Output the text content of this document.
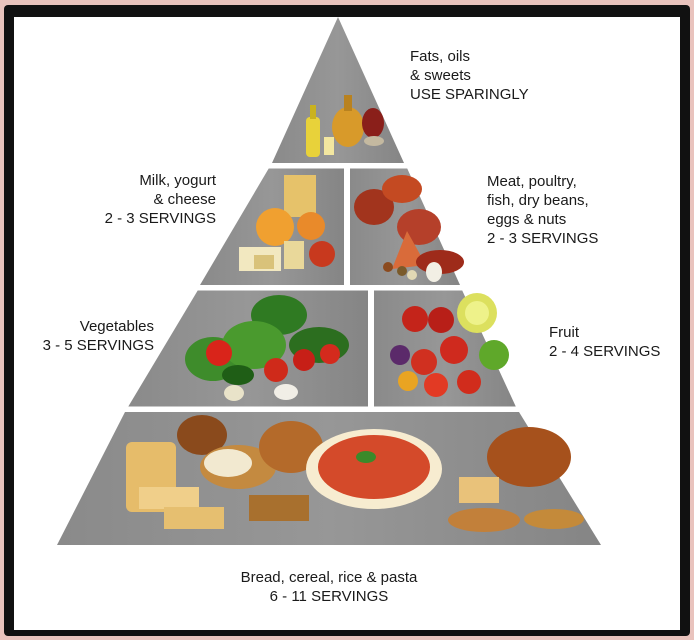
Fats, oils
& sweets
USE SPARINGLY

Milk, yogurt
& cheese
2 - 3 SERVINGS

Meat, poultry,
fish, dry beans,
eggs & nuts
2 - 3 SERVINGS

Vegetables
3 - 5 SERVINGS

Fruit
2 - 4 SERVINGS

Bread, cereal, rice & pasta
6 - 11 SERVINGS
